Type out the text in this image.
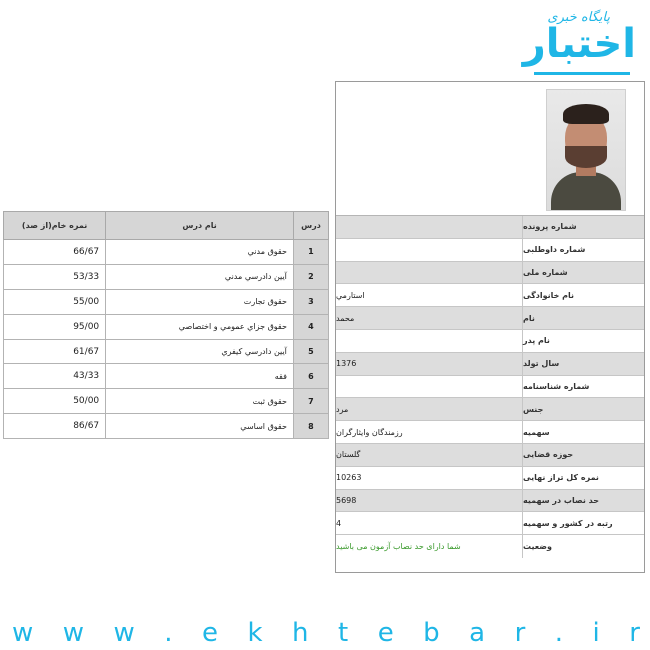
پایگاه خبری
اختبار
شماره پرونده
شماره داوطلبی
شماره ملی
استارمي	نام خانوادگی
محمد	نام
نام پدر
1376	سال تولد
شماره شناسنامه
مرد	جنس
رزمندگان وایثارگران	سهمیه
گلستان	حوزه قضایی
10263	نمره کل تراز نهایی
5698	حد نصاب در سهمیه
4	رتبه در کشور و سهمیه
شما دارای حد نصاب آزمون می باشید	وضعیت
نمره خام(از صد)	نام درس	درس
66/67	حقوق مدني	1
53/33	آيين دادرسي مدني	2
55/00	حقوق تجارت	3
95/00	حقوق جزاي عمومي و اختصاصي	4
61/67	آيين دادرسي كيفري	5
43/33	فقه	6
50/00	حقوق ثبت	7
86/67	حقوق اساسي	8
w w w . e k h t e b a r . i r
